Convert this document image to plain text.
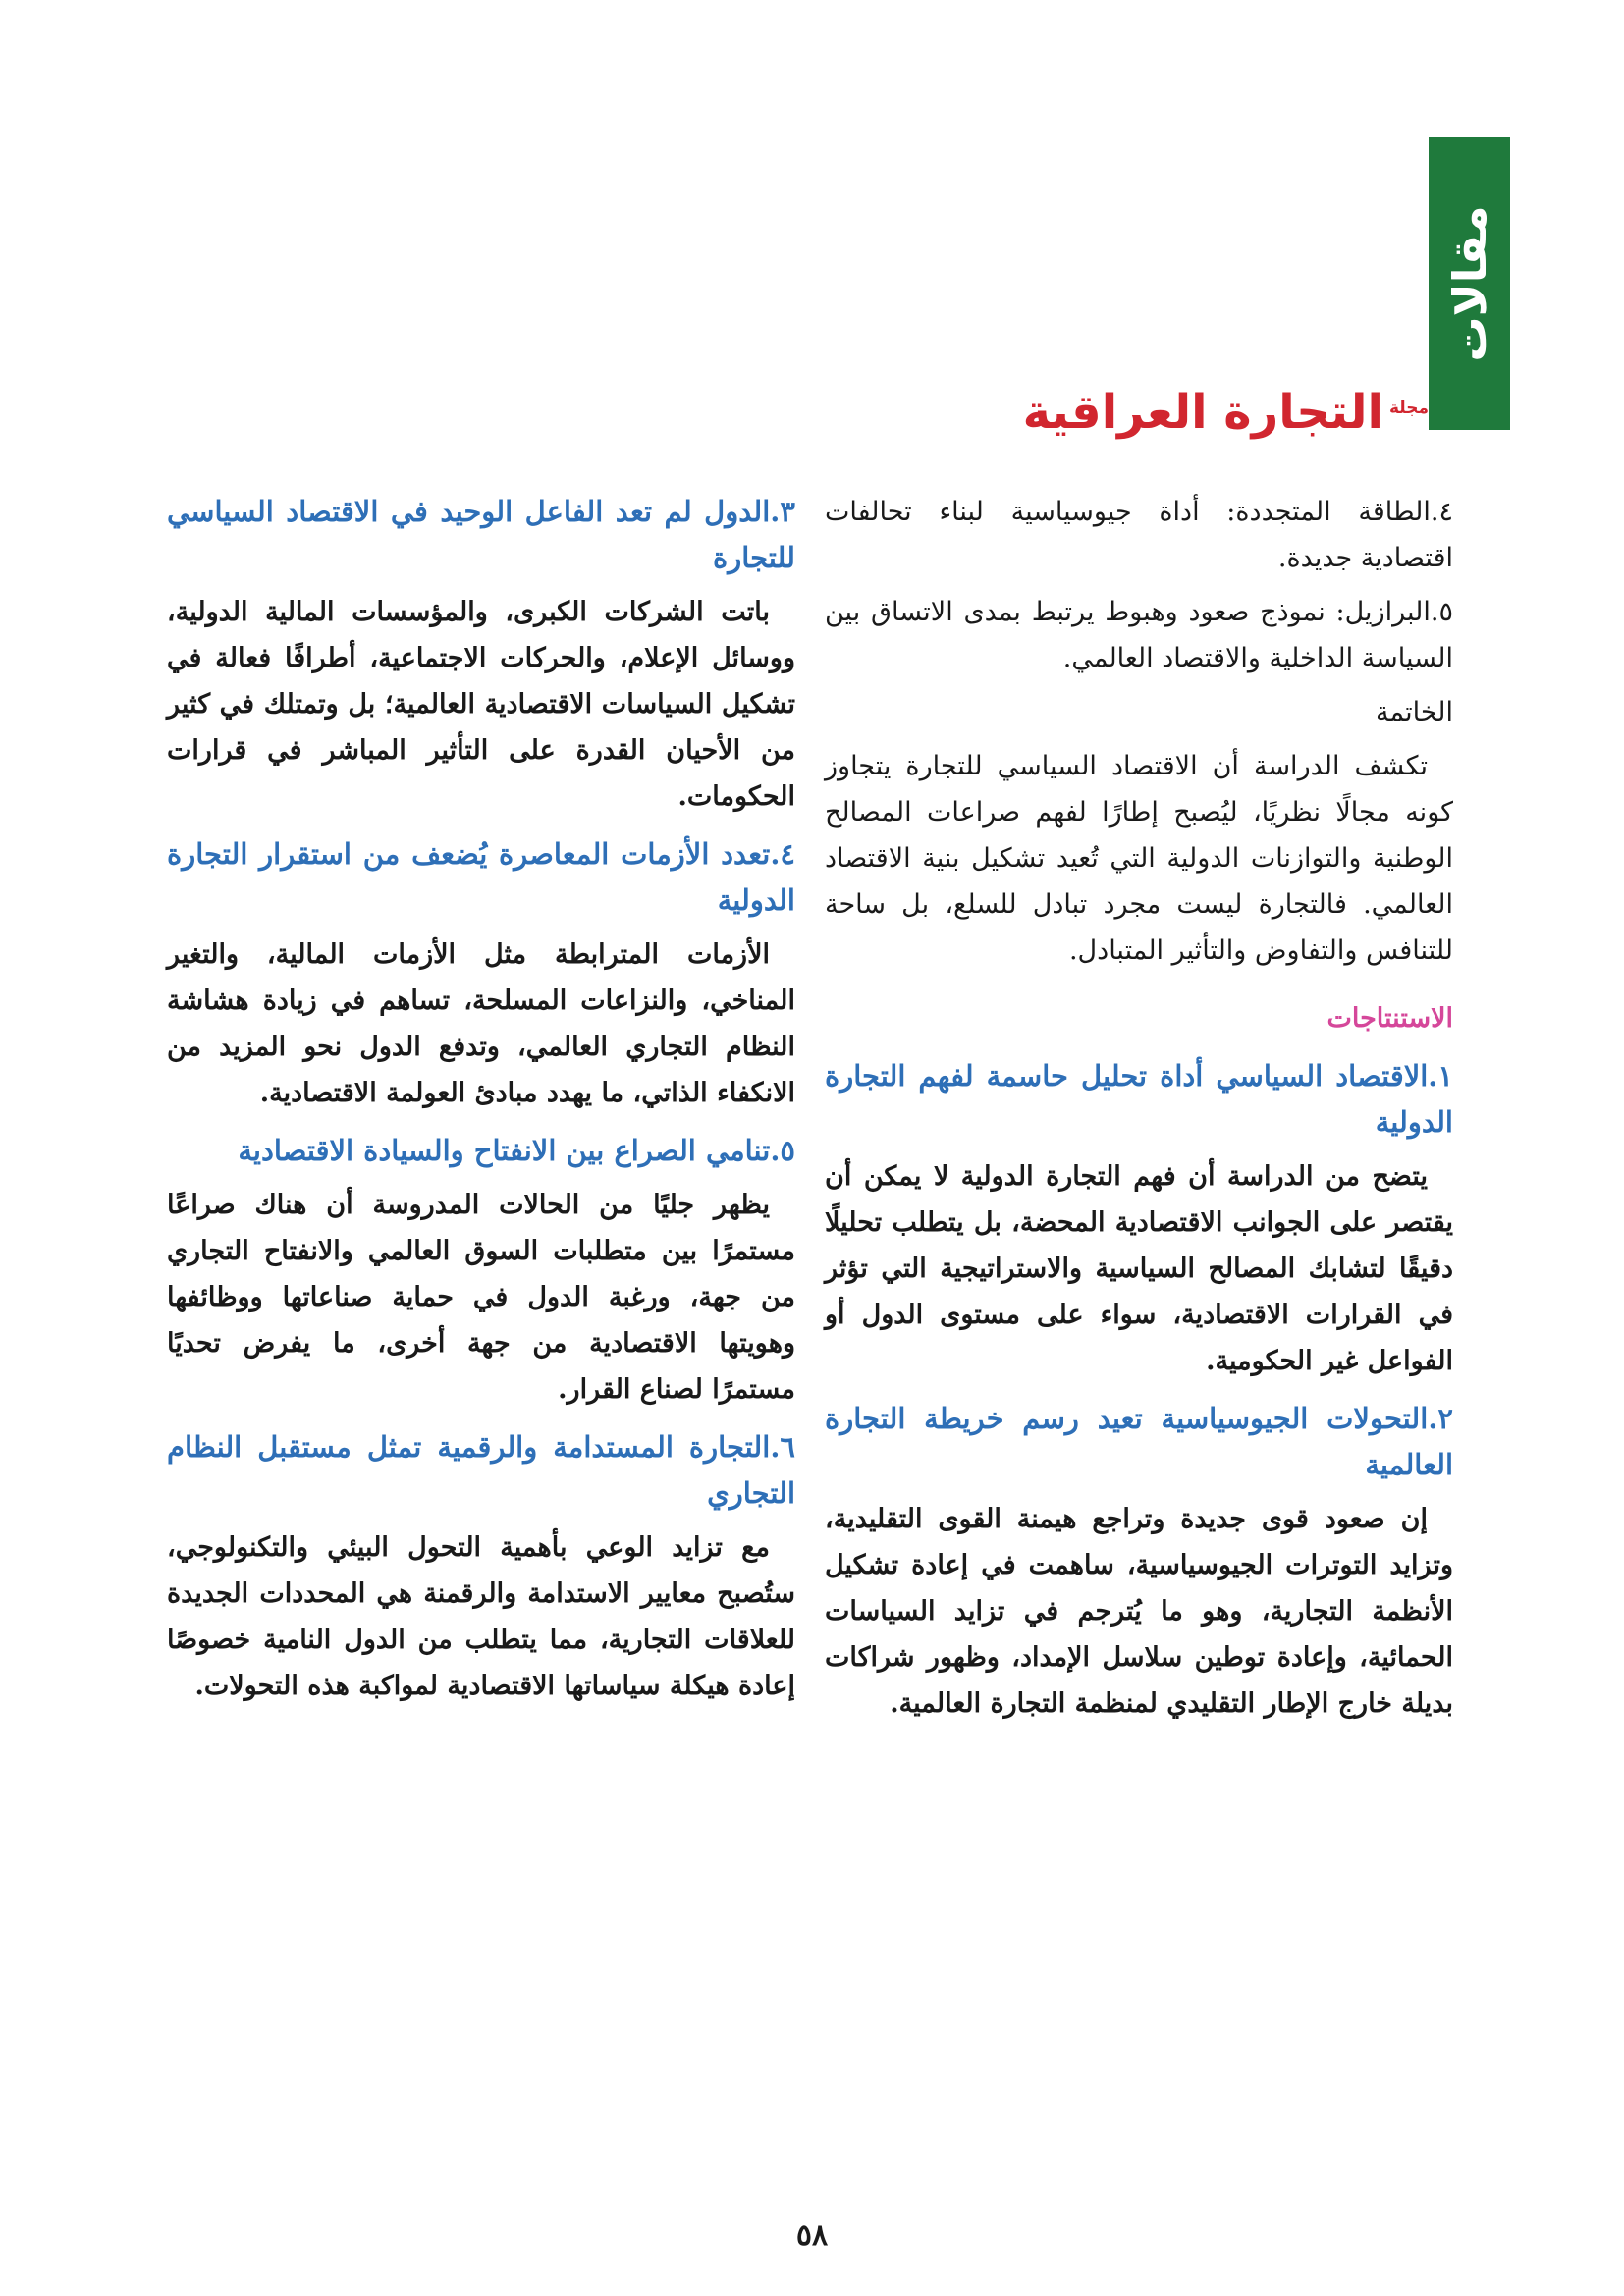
مقالات
مجلة
التجارة العراقية

٤.الطاقة المتجددة: أداة جيوسياسية لبناء تحالفات اقتصادية جديدة.

٥.البرازيل: نموذج صعود وهبوط يرتبط بمدى الاتساق بين السياسة الداخلية والاقتصاد العالمي.

الخاتمة

تكشف الدراسة أن الاقتصاد السياسي للتجارة يتجاوز كونه مجالًا نظريًا، ليُصبح إطارًا لفهم صراعات المصالح الوطنية والتوازنات الدولية التي تُعيد تشكيل بنية الاقتصاد العالمي. فالتجارة ليست مجرد تبادل للسلع، بل ساحة للتنافس والتفاوض والتأثير المتبادل.

الاستنتاجات

١.الاقتصاد السياسي أداة تحليل حاسمة لفهم التجارة الدولية

يتضح من الدراسة أن فهم التجارة الدولية لا يمكن أن يقتصر على الجوانب الاقتصادية المحضة، بل يتطلب تحليلًا دقيقًا لتشابك المصالح السياسية والاستراتيجية التي تؤثر في القرارات الاقتصادية، سواء على مستوى الدول أو الفواعل غير الحكومية.

٢.التحولات الجيوسياسية تعيد رسم خريطة التجارة العالمية

إن صعود قوى جديدة وتراجع هيمنة القوى التقليدية، وتزايد التوترات الجيوسياسية، ساهمت في إعادة تشكيل الأنظمة التجارية، وهو ما يُترجم في تزايد السياسات الحمائية، وإعادة توطين سلاسل الإمداد، وظهور شراكات بديلة خارج الإطار التقليدي لمنظمة التجارة العالمية.

٣.الدول لم تعد الفاعل الوحيد في الاقتصاد السياسي للتجارة

باتت الشركات الكبرى، والمؤسسات المالية الدولية، ووسائل الإعلام، والحركات الاجتماعية، أطرافًا فعالة في تشكيل السياسات الاقتصادية العالمية؛ بل وتمتلك في كثير من الأحيان القدرة على التأثير المباشر في قرارات الحكومات.

٤.تعدد الأزمات المعاصرة يُضعف من استقرار التجارة الدولية

الأزمات المترابطة مثل الأزمات المالية، والتغير المناخي، والنزاعات المسلحة، تساهم في زيادة هشاشة النظام التجاري العالمي، وتدفع الدول نحو المزيد من الانكفاء الذاتي، ما يهدد مبادئ العولمة الاقتصادية.

٥.تنامي الصراع بين الانفتاح والسيادة الاقتصادية

يظهر جليًا من الحالات المدروسة أن هناك صراعًا مستمرًا بين متطلبات السوق العالمي والانفتاح التجاري من جهة، ورغبة الدول في حماية صناعاتها ووظائفها وهويتها الاقتصادية من جهة أخرى، ما يفرض تحديًا مستمرًا لصناع القرار.

٦.التجارة المستدامة والرقمية تمثل مستقبل النظام التجاري

مع تزايد الوعي بأهمية التحول البيئي والتكنولوجي، ستُصبح معايير الاستدامة والرقمنة هي المحددات الجديدة للعلاقات التجارية، مما يتطلب من الدول النامية خصوصًا إعادة هيكلة سياساتها الاقتصادية لمواكبة هذه التحولات.

٥٨
